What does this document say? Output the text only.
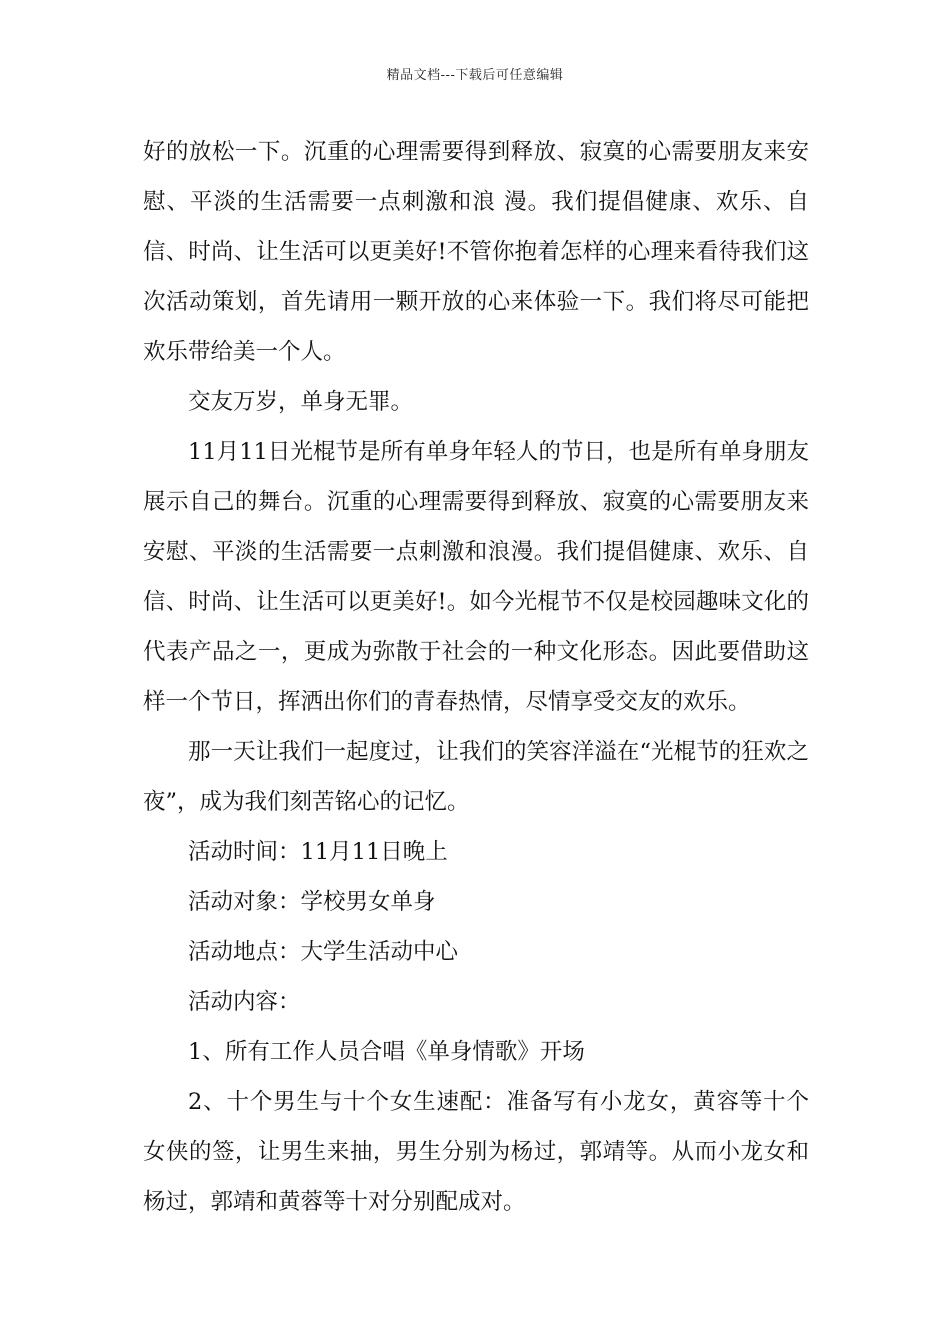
精品文档---下载后可任意编辑

好的放松一下。沉重的心理需要得到释放、寂寞的心需要朋友来安慰、平淡的生活需要一点刺激和浪 漫。我们提倡健康、欢乐、自信、时尚、让生活可以更美好!不管你抱着怎样的心理来看待我们这次活动策划，首先请用一颗开放的心来体验一下。我们将尽可能把欢乐带给美一个人。

交友万岁，单身无罪。

11月11日光棍节是所有单身年轻人的节日，也是所有单身朋友展示自己的舞台。沉重的心理需要得到释放、寂寞的心需要朋友来安慰、平淡的生活需要一点刺激和浪漫。我们提倡健康、欢乐、自信、时尚、让生活可以更美好!。如今光棍节不仅是校园趣味文化的代表产品之一，更成为弥散于社会的一种文化形态。因此要借助这样一个节日，挥洒出你们的青春热情，尽情享受交友的欢乐。

那一天让我们一起度过，让我们的笑容洋溢在“光棍节的狂欢之夜”，成为我们刻苦铭心的记忆。

活动时间：11月11日晚上

活动对象：学校男女单身

活动地点：大学生活动中心

活动内容：

1、所有工作人员合唱《单身情歌》开场

2、十个男生与十个女生速配：准备写有小龙女，黄容等十个女侠的签，让男生来抽，男生分别为杨过，郭靖等。从而小龙女和杨过，郭靖和黄蓉等十对分别配成对。
